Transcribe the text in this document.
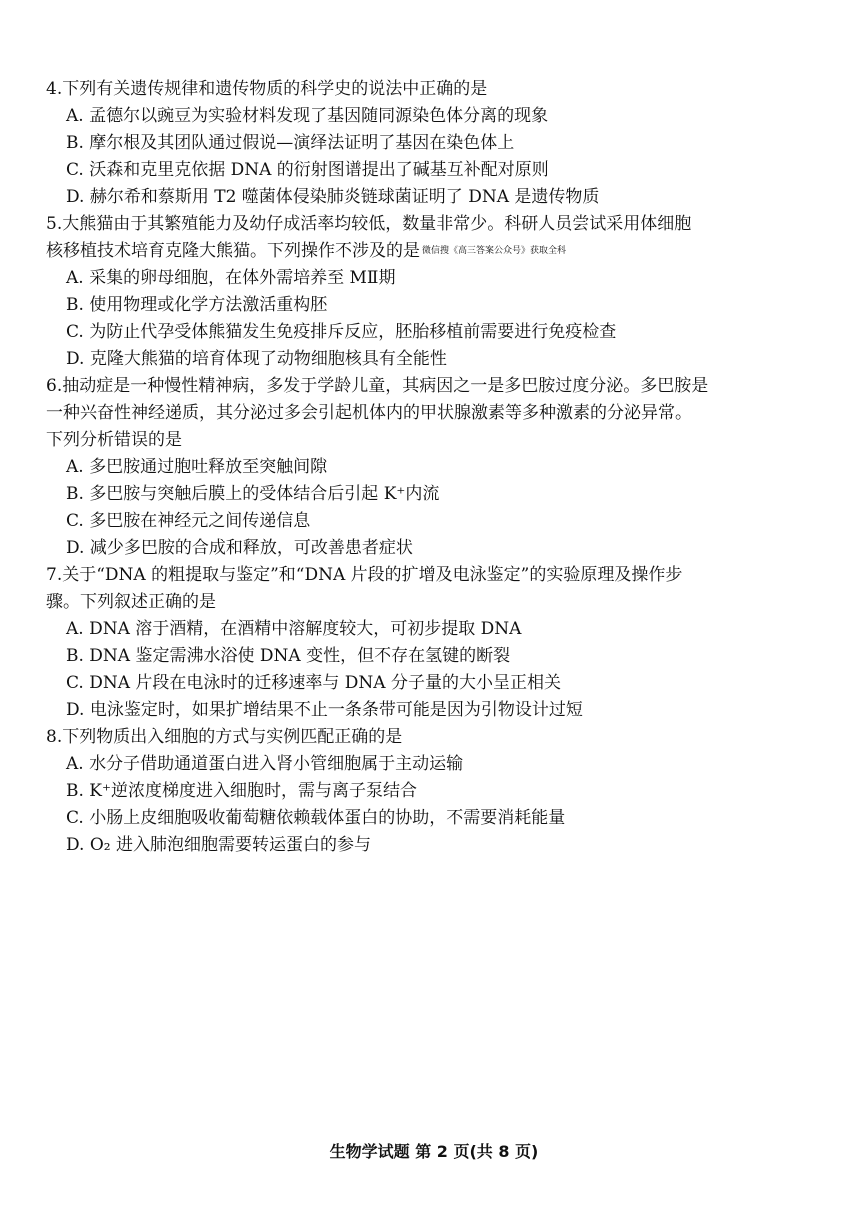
4.下列有关遗传规律和遗传物质的科学史的说法中正确的是
A. 孟德尔以豌豆为实验材料发现了基因随同源染色体分离的现象
B. 摩尔根及其团队通过假说—演绎法证明了基因在染色体上
C. 沃森和克里克依据 DNA 的衍射图谱提出了碱基互补配对原则
D. 赫尔希和蔡斯用 T2 噬菌体侵染肺炎链球菌证明了 DNA 是遗传物质
5.大熊猫由于其繁殖能力及幼仔成活率均较低，数量非常少。科研人员尝试采用体细胞
核移植技术培育克隆大熊猫。下列操作不涉及的是 微信搜《高三答案公众号》获取全科
A. 采集的卵母细胞，在体外需培养至 MⅡ期
B. 使用物理或化学方法激活重构胚
C. 为防止代孕受体熊猫发生免疫排斥反应，胚胎移植前需要进行免疫检查
D. 克隆大熊猫的培育体现了动物细胞核具有全能性
6.抽动症是一种慢性精神病，多发于学龄儿童，其病因之一是多巴胺过度分泌。多巴胺是
一种兴奋性神经递质，其分泌过多会引起机体内的甲状腺激素等多种激素的分泌异常。
下列分析错误的是
A. 多巴胺通过胞吐释放至突触间隙
B. 多巴胺与突触后膜上的受体结合后引起 K⁺内流
C. 多巴胺在神经元之间传递信息
D. 减少多巴胺的合成和释放，可改善患者症状
7.关于“DNA 的粗提取与鉴定”和“DNA 片段的扩增及电泳鉴定”的实验原理及操作步
骤。下列叙述正确的是
A. DNA 溶于酒精，在酒精中溶解度较大，可初步提取 DNA
B. DNA 鉴定需沸水浴使 DNA 变性，但不存在氢键的断裂
C. DNA 片段在电泳时的迁移速率与 DNA 分子量的大小呈正相关
D. 电泳鉴定时，如果扩增结果不止一条条带可能是因为引物设计过短
8.下列物质出入细胞的方式与实例匹配正确的是
A. 水分子借助通道蛋白进入肾小管细胞属于主动运输
B. K⁺逆浓度梯度进入细胞时，需与离子泵结合
C. 小肠上皮细胞吸收葡萄糖依赖载体蛋白的协助，不需要消耗能量
D. O₂ 进入肺泡细胞需要转运蛋白的参与
生物学试题 第 2 页(共 8 页)
